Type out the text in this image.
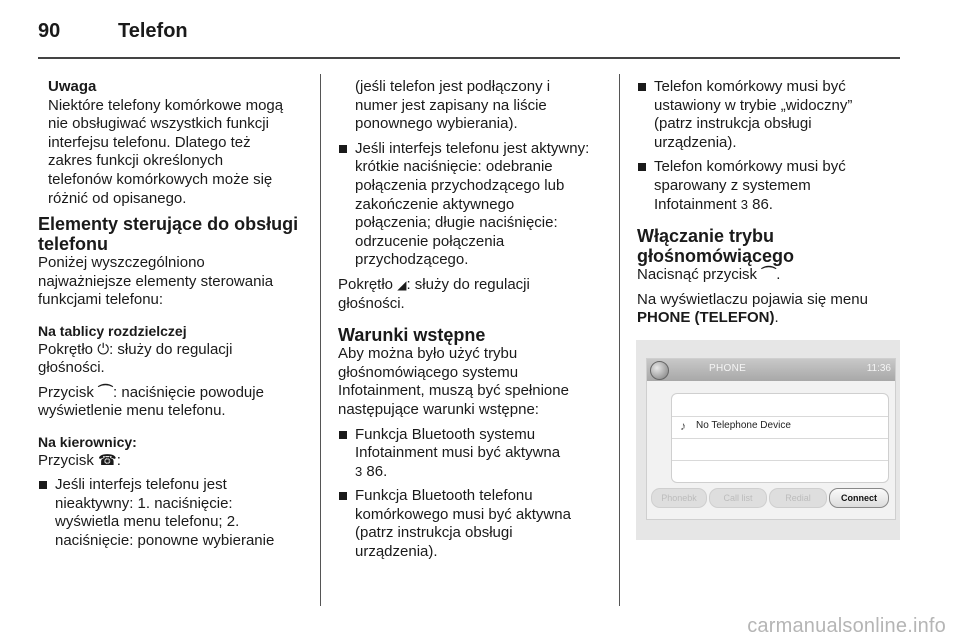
90	Telefon

Uwaga

Niektóre telefony komórkowe mogą

nie obsługiwać wszystkich funkcji

interfejsu telefonu. Dlatego też

zakres funkcji określonych

telefonów komórkowych może się

różnić od opisanego.

Elementy sterujące do obsługi

telefonu

Poniżej wyszczególniono

najważniejsze elementy sterowania

funkcjami telefonu:

Na tablicy rozdzielczej

Pokrętło ⏻: służy do regulacji

głośności.

Przycisk ⌒: naciśnięcie powoduje

wyświetlenie menu telefonu.

Na kierownicy:

Przycisk ☎:

Jeśli interfejs telefonu jest

nieaktywny: 1. naciśnięcie:

wyświetla menu telefonu; 2.

naciśnięcie: ponowne wybieranie

(jeśli telefon jest podłączony i

numer jest zapisany na liście

ponownego wybierania).

Jeśli interfejs telefonu jest aktywny:

krótkie naciśnięcie: odebranie

połączenia przychodzącego lub

zakończenie aktywnego

połączenia; długie naciśnięcie:

odrzucenie połączenia

przychodzącego.

Pokrętło ◢: służy do regulacji

głośności.

Warunki wstępne

Aby można było użyć trybu

głośnomówiącego systemu

Infotainment, muszą być spełnione

następujące warunki wstępne:

Funkcja Bluetooth systemu

Infotainment musi być aktywna

3 86.

Funkcja Bluetooth telefonu

komórkowego musi być aktywna

(patrz instrukcja obsługi

urządzenia).

Telefon komórkowy musi być

ustawiony w trybie „widoczny”

(patrz instrukcja obsługi

urządzenia).

Telefon komórkowy musi być

sparowany z systemem

Infotainment 3 86.

Włączanie trybu

głośnomówiącego

Nacisnąć przycisk ⌒.

Na wyświetlaczu pojawia się menu

PHONE (TELEFON).

PHONE	11:36
♪ No Telephone Device
Phonebk	Call list	Redial	Connect
carmanualsonline.info
